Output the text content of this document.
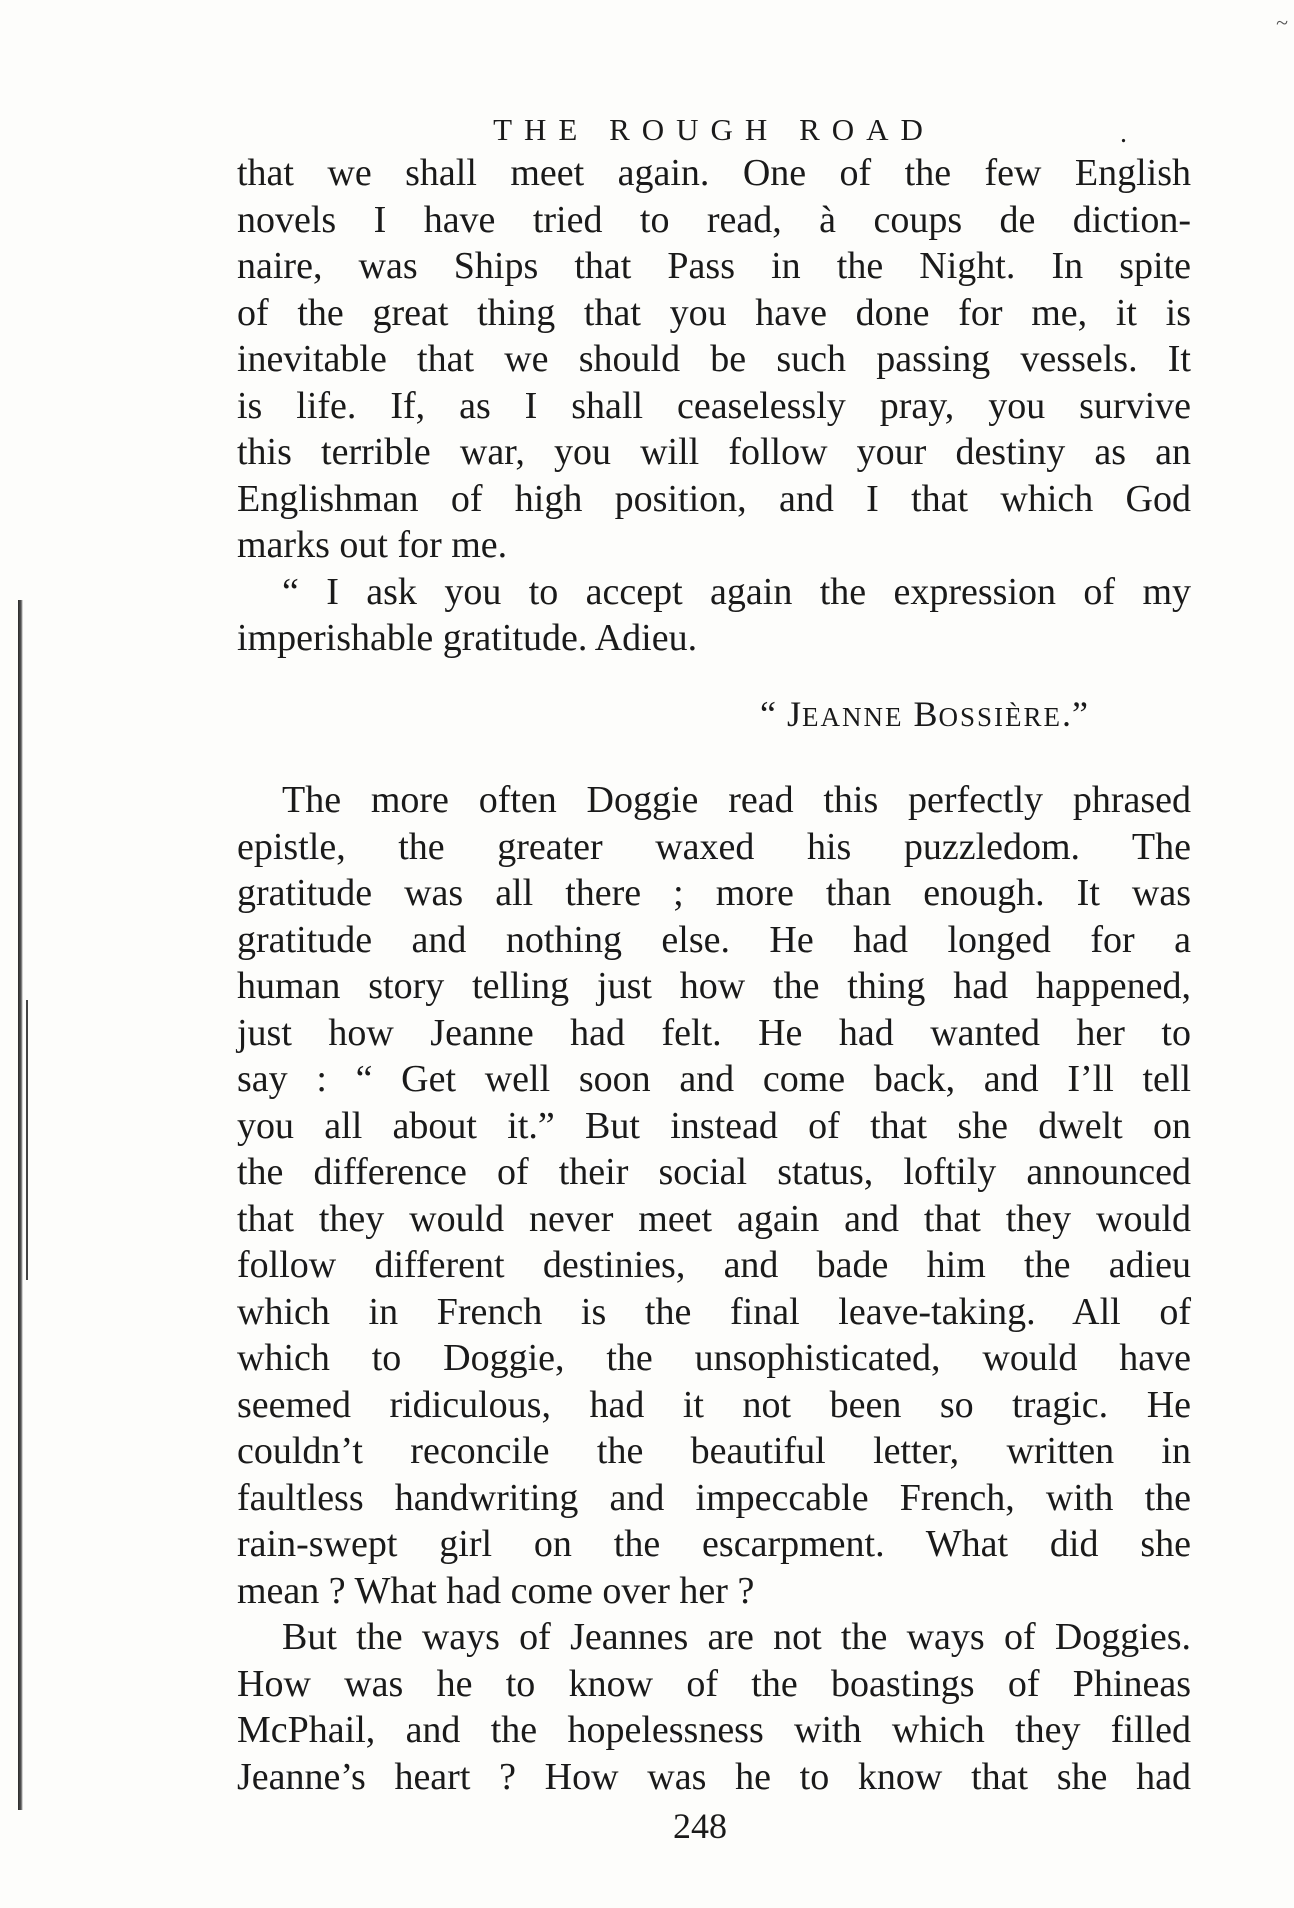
~
THE ROUGH ROAD	.
that we shall meet again. One of the few English
novels I have tried to read, à coups de diction-
naire, was Ships that Pass in the Night. In spite
of the great thing that you have done for me, it is
inevitable that we should be such passing vessels. It
is life. If, as I shall ceaselessly pray, you survive
this terrible war, you will follow your destiny as an
Englishman of high position, and I that which God
marks out for me.
“ I ask you to accept again the expression of my
imperishable gratitude. Adieu.
“ JEANNE BOSSIÈRE.”
The more often Doggie read this perfectly phrased
epistle, the greater waxed his puzzledom. The
gratitude was all there ; more than enough. It was
gratitude and nothing else. He had longed for a
human story telling just how the thing had happened,
just how Jeanne had felt. He had wanted her to
say : “ Get well soon and come back, and I’ll tell
you all about it.” But instead of that she dwelt on
the difference of their social status, loftily announced
that they would never meet again and that they would
follow different destinies, and bade him the adieu
which in French is the final leave-taking. All of
which to Doggie, the unsophisticated, would have
seemed ridiculous, had it not been so tragic. He
couldn’t reconcile the beautiful letter, written in
faultless handwriting and impeccable French, with the
rain-swept girl on the escarpment. What did she
mean ? What had come over her ?
But the ways of Jeannes are not the ways of Doggies.
How was he to know of the boastings of Phineas
McPhail, and the hopelessness with which they filled
Jeanne’s heart ? How was he to know that she had
248
